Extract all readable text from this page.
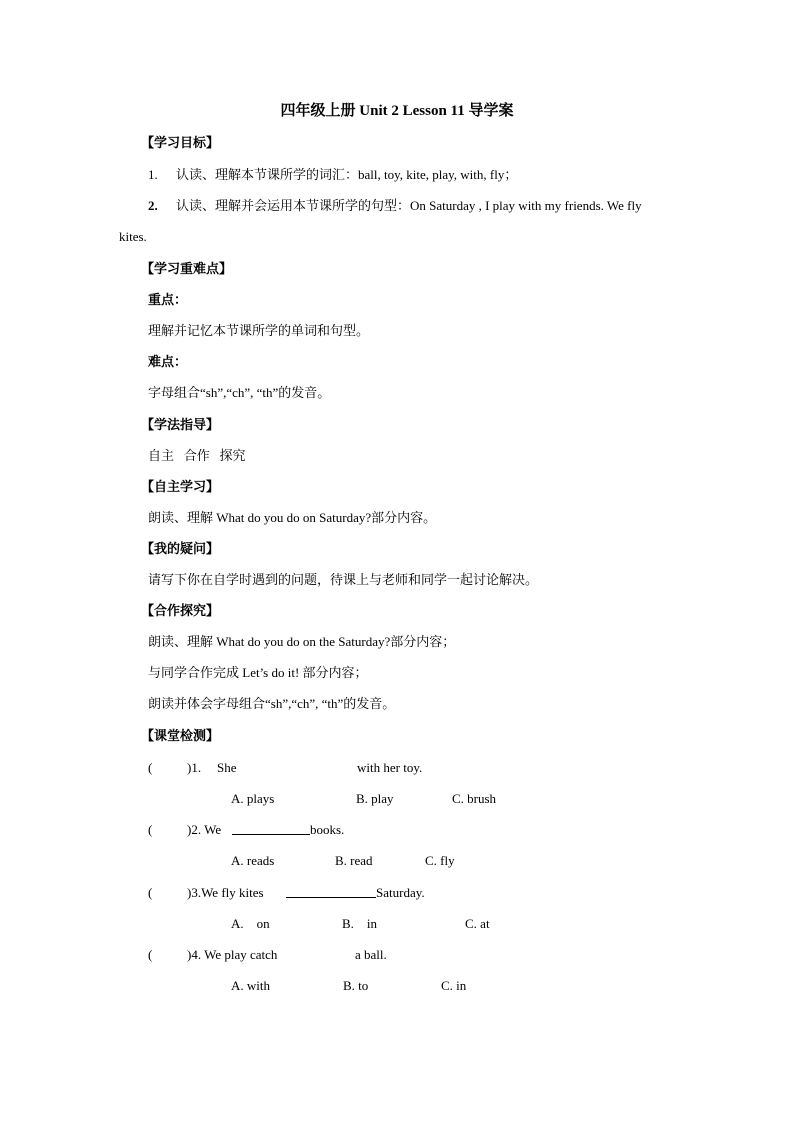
四年级上册 Unit 2 Lesson 11 导学案
【学习目标】
1. 认读、理解本节课所学的词汇：ball, toy, kite, play, with, fly；
2. 认读、理解并会运用本节课所学的句型：On Saturday , I play with my friends. We fly
kites.
【学习重难点】
重点：
理解并记忆本节课所学的单词和句型。
难点：
字母组合“sh”,“ch”, “th”的发音。
【学法指导】
自主   合作   探究
【自主学习】
朗读、理解 What do you do on Saturday?部分内容。
【我的疑问】
请写下你在自学时遇到的问题，待课上与老师和同学一起讨论解决。
【合作探究】
朗读、理解 What do you do on the Saturday?部分内容；
与同学合作完成 Let’s do it! 部分内容；
朗读并体会字母组合“sh”,“ch”, “th”的发音。
【课堂检测】
(	)1. She	with her toy.
A. plays	B. play	C. brush
(	)2. We	books.
A. reads	B. read	C. fly
(	)3.We fly kites	Saturday.
A.    on	B.    in	C. at
(	)4. We play catch	a ball.
A. with	B. to	C. in
